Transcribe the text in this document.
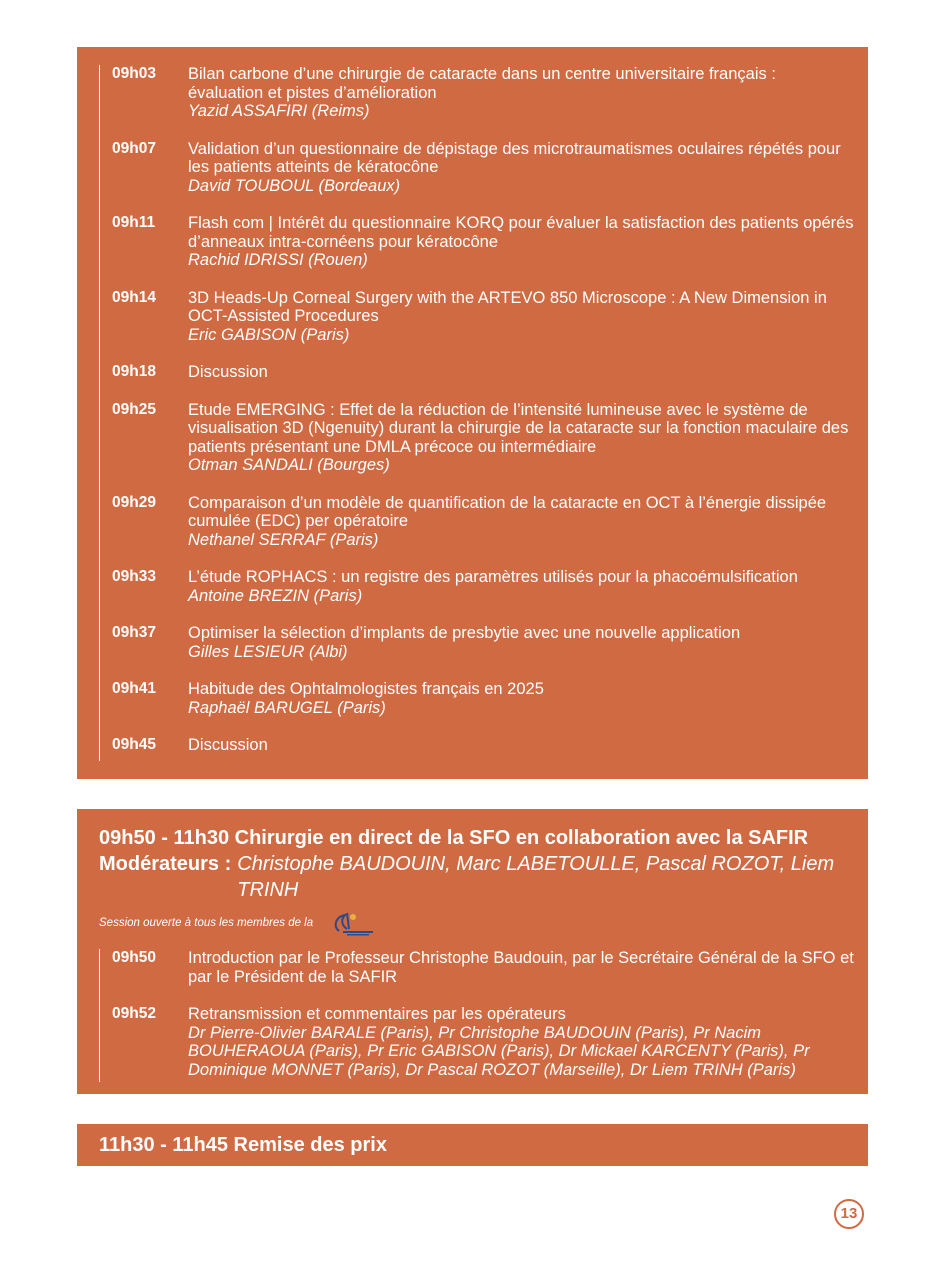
09h03	Bilan carbone d’une chirurgie de cataracte dans un centre universitaire français : évaluation et pistes d’amélioration
Yazid ASSAFIRI (Reims)
09h07	Validation d’un questionnaire de dépistage des microtraumatismes oculaires répétés pour les patients atteints de kératocône
David TOUBOUL (Bordeaux)
09h11	Flash com | Intérêt du questionnaire KORQ pour évaluer la satisfaction des patients opérés d’anneaux intra-cornéens pour kératocône
Rachid IDRISSI (Rouen)
09h14	3D Heads-Up Corneal Surgery with the ARTEVO 850 Microscope : A New Dimension in OCT-Assisted Procedures
Eric GABISON (Paris)
09h18	Discussion
09h25	Etude EMERGING : Effet de la réduction de l’intensité lumineuse avec le système de visualisation 3D (Ngenuity) durant la chirurgie de la cataracte sur la fonction maculaire des patients présentant une DMLA précoce ou intermédiaire
Otman SANDALI (Bourges)
09h29	Comparaison d’un modèle de quantification de la cataracte en OCT à l’énergie dissipée cumulée (EDC) per opératoire
Nethanel SERRAF (Paris)
09h33	L’étude ROPHACS : un registre des paramètres utilisés pour la phacoémulsification
Antoine BREZIN (Paris)
09h37	Optimiser la sélection d’implants de presbytie avec une nouvelle application
Gilles LESIEUR (Albi)
09h41	Habitude des Ophtalmologistes français en 2025
Raphaël BARUGEL (Paris)
09h45	Discussion
09h50 - 11h30 Chirurgie en direct de la SFO en collaboration avec la SAFIR
Modérateurs : Christophe BAUDOUIN, Marc LABETOULLE, Pascal ROZOT, Liem TRINH
Session ouverte à tous les membres de la
09h50	Introduction par le Professeur Christophe Baudouin, par le Secrétaire Général de la SFO et par le Président de la SAFIR
09h52	Retransmission et commentaires par les opérateurs
Dr Pierre-Olivier BARALE (Paris), Pr Christophe BAUDOUIN (Paris), Pr Nacim BOUHERAOUA (Paris), Pr Eric GABISON (Paris), Dr Mickael KARCENTY (Paris), Pr Dominique MONNET (Paris), Dr Pascal ROZOT (Marseille), Dr Liem TRINH (Paris)
11h30 - 11h45 Remise des prix
13
